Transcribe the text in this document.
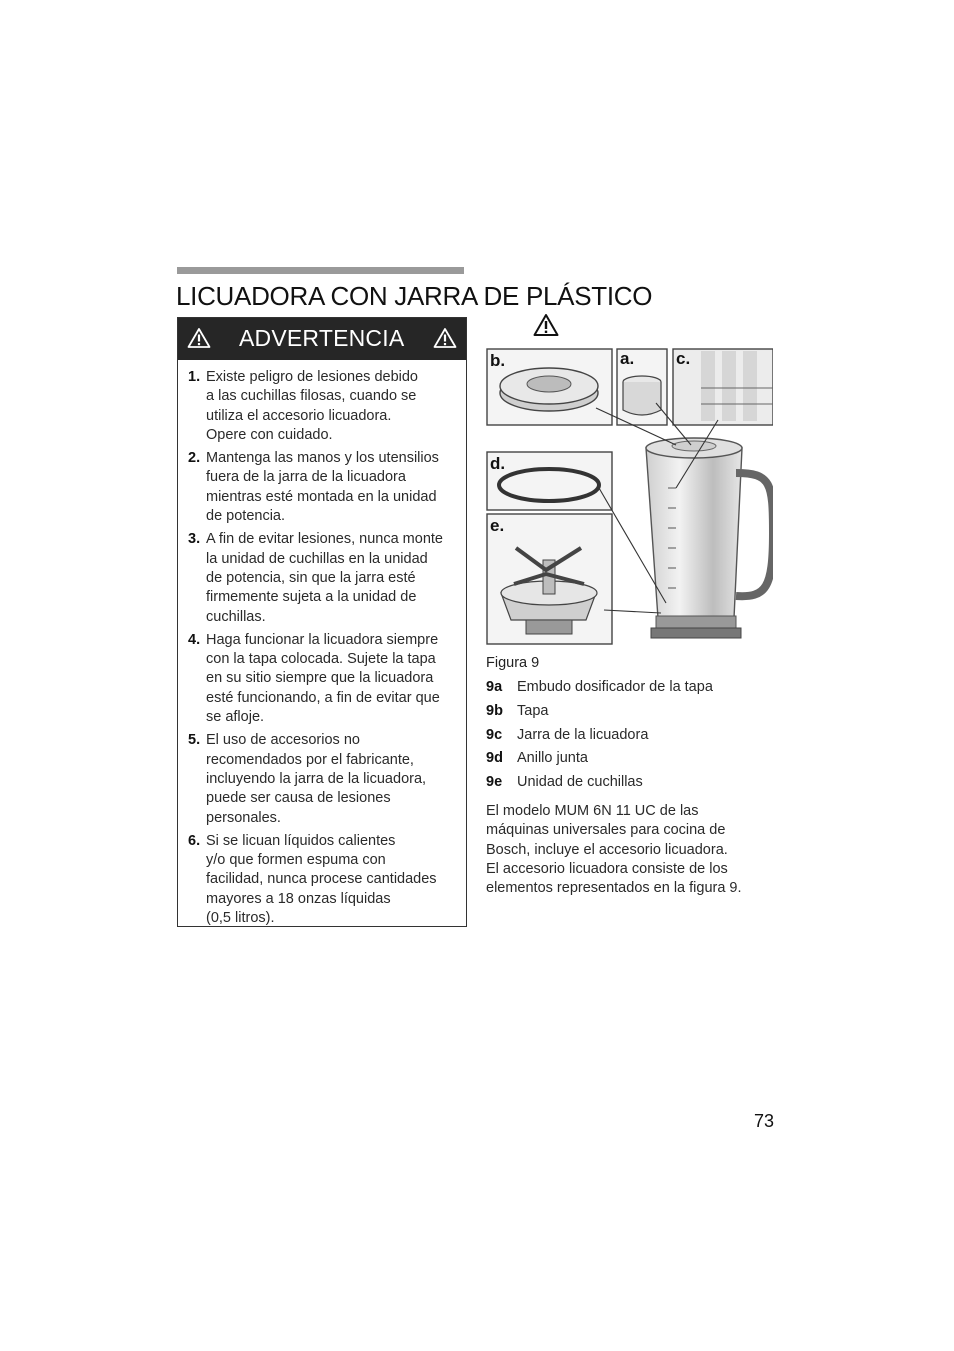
LICUADORA CON JARRA DE PLÁSTICO
ADVERTENCIA
1. Existe peligro de lesiones debido
a las cuchillas filosas, cuando se
utiliza el accesorio licuadora.
Opere con cuidado.
2. Mantenga las manos y los utensilios
fuera de la jarra de la licuadora
mientras esté montada en la unidad
de potencia.
3. A fin de evitar lesiones, nunca monte
la unidad de cuchillas en la unidad
de potencia, sin que la jarra esté
firmemente sujeta a la unidad de
cuchillas.
4. Haga funcionar la licuadora siempre
con la tapa colocada. Sujete la tapa
en su sitio siempre que la licuadora
esté funcionando, a fin de evitar que
se afloje.
5. El uso de accesorios no
recomendados por el fabricante,
incluyendo la jarra de la licuadora,
puede ser causa de lesiones
personales.
6. Si se licuan líquidos calientes
y/o que formen espuma con
facilidad, nunca procese cantidades
mayores a 18 onzas líquidas
(0,5 litros).
b.	a. c.
d.
e.
Figura 9
9a	Embudo dosificador de la tapa
9b Tapa
9c	Jarra de la licuadora
9d Anillo junta
9e	Unidad de cuchillas

El modelo MUM 6N 11 UC de las
máquinas universales para cocina de
Bosch, incluye el accesorio licuadora.
El accesorio licuadora consiste de los
elementos representados en la figura 9.

73
